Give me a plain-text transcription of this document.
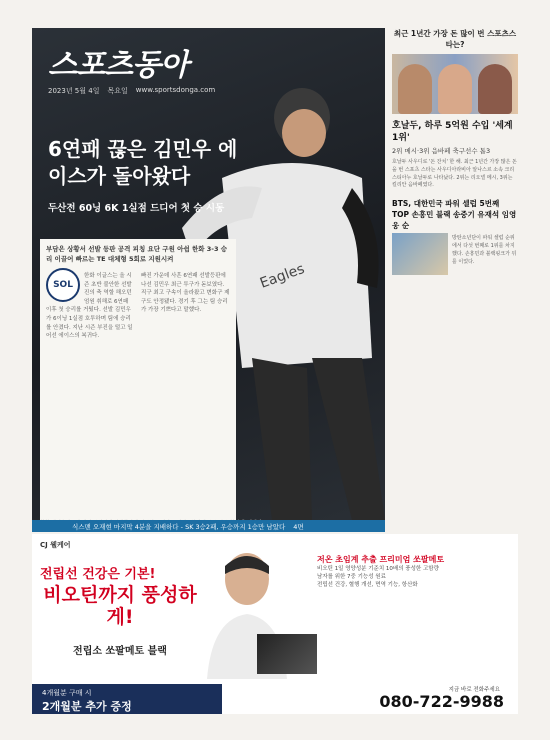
Eagles
스포츠동아
2023년 5월 4일 목요일 www.sportsdonga.com
6연패 끊은 김민우 에이스가 돌아왔다
두산전 60닝 6K 1실점 드디어 첫 승 시동
부담은 상황서 선발 등판 공격 피칭 요단 구원 아쉽 한화 3-3 승리 이끌어 빠르는 TE 대체형 5회로 지원시켜
SOL
한화 이글스는 올 시즌 초반 불안한 선발진의 축 역할 해오던 엄원 취해로 6연패 이후 첫 승리를 거뒀다. 선발 김민우가 6이닝 1실점 호투하며 팀에 승리를 안겼다. 지난 시즌 부진을 털고 일어선 에이스의 복귀다.
빠진 가운데 사흔 6연패 선발등판에 나선 김민우 최근 투구가 돋보였다. 직구 최고 구속이 올라왔고 변화구 제구도 안정됐다. 경기 후 그는 팀 승리가 가장 기쁘다고 말했다.
식스맨 오재현 마지막 4분을 지배하다 - SK 3승2패, 우승까지 1승만 남았다 4면
최근 1년간 가장 돈 많이 번 스포츠스타는?
호날두, 하루 5억원 수입 '세계 1위'
2위 메시·3위 음바페 축구선수 톱3
호날두 사우디로 '돈 잔치' 한 해. 최근 1년간 가장 많은 돈을 번 스포츠 스타는 사우디아라비아 알나스르 소속 크리스티아누 호날두로 나타났다. 2위는 리오넬 메시, 3위는 킬리안 음바페였다.
BTS, 대한민국 파워 셀럽 5번째 TOP 손흥민 블랙 송중기 유재석 임영웅 순
방탄소년단이 파워 셀럽 순위에서 다섯 번째로 1위를 차지했다. 손흥민과 블랙핑크가 뒤를 이었다.
CJ 웰케어
전립선 건강은 기본!
비오틴까지 풍성하게!
전립소 쏘팔메토 블랙
저온 초임계 추출 프리미엄 쏘팔메토
비오틴 1일 영양성분 기준치 10배의 풍성한 고함량
남자를 위한 7중 기능성 원료
전립선 건강, 혈행 개선, 면역 기능, 항산화
4개월분 구매 시
2개월분 추가 증정
지금 바로 전화주세요
080-722-9988
